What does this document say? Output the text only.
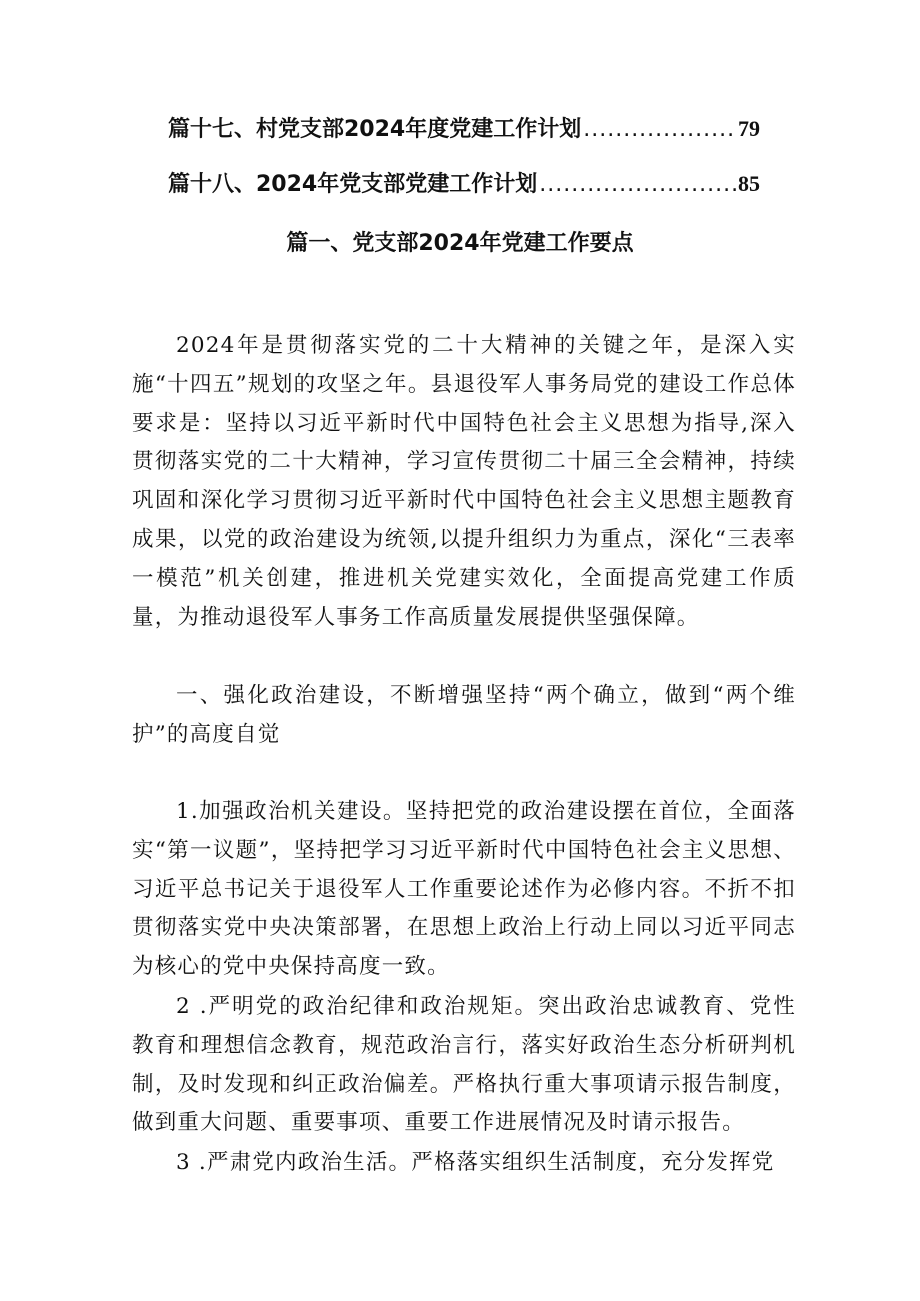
篇十七、村党支部2024年度党建工作计划 .....	79
篇十八、2024年党支部党建工作计划 .....	85
篇一、党支部2024年党建工作要点

2024年是贯彻落实党的二十大精神的关键之年，是深入实施“十四五”规划的攻坚之年。县退役军人事务局党的建设工作总体要求是：坚持以习近平新时代中国特色社会主义思想为指导,深入贯彻落实党的二十大精神，学习宣传贯彻二十届三全会精神，持续巩固和深化学习贯彻习近平新时代中国特色社会主义思想主题教育成果，以党的政治建设为统领,以提升组织力为重点，深化“三表率一模范”机关创建，推进机关党建实效化，全面提高党建工作质量，为推动退役军人事务工作高质量发展提供坚强保障。

一、强化政治建设，不断增强坚持“两个确立，做到“两个维护”的高度自觉

1.加强政治机关建设。坚持把党的政治建设摆在首位，全面落实“第一议题”，坚持把学习习近平新时代中国特色社会主义思想、习近平总书记关于退役军人工作重要论述作为必修内容。不折不扣贯彻落实党中央决策部署，在思想上政治上行动上同以习近平同志为核心的党中央保持高度一致。

2 .严明党的政治纪律和政治规矩。突出政治忠诚教育、党性教育和理想信念教育，规范政治言行，落实好政治生态分析研判机制，及时发现和纠正政治偏差。严格执行重大事项请示报告制度，做到重大问题、重要事项、重要工作进展情况及时请示报告。

3 .严肃党内政治生活。严格落实组织生活制度，充分发挥党
